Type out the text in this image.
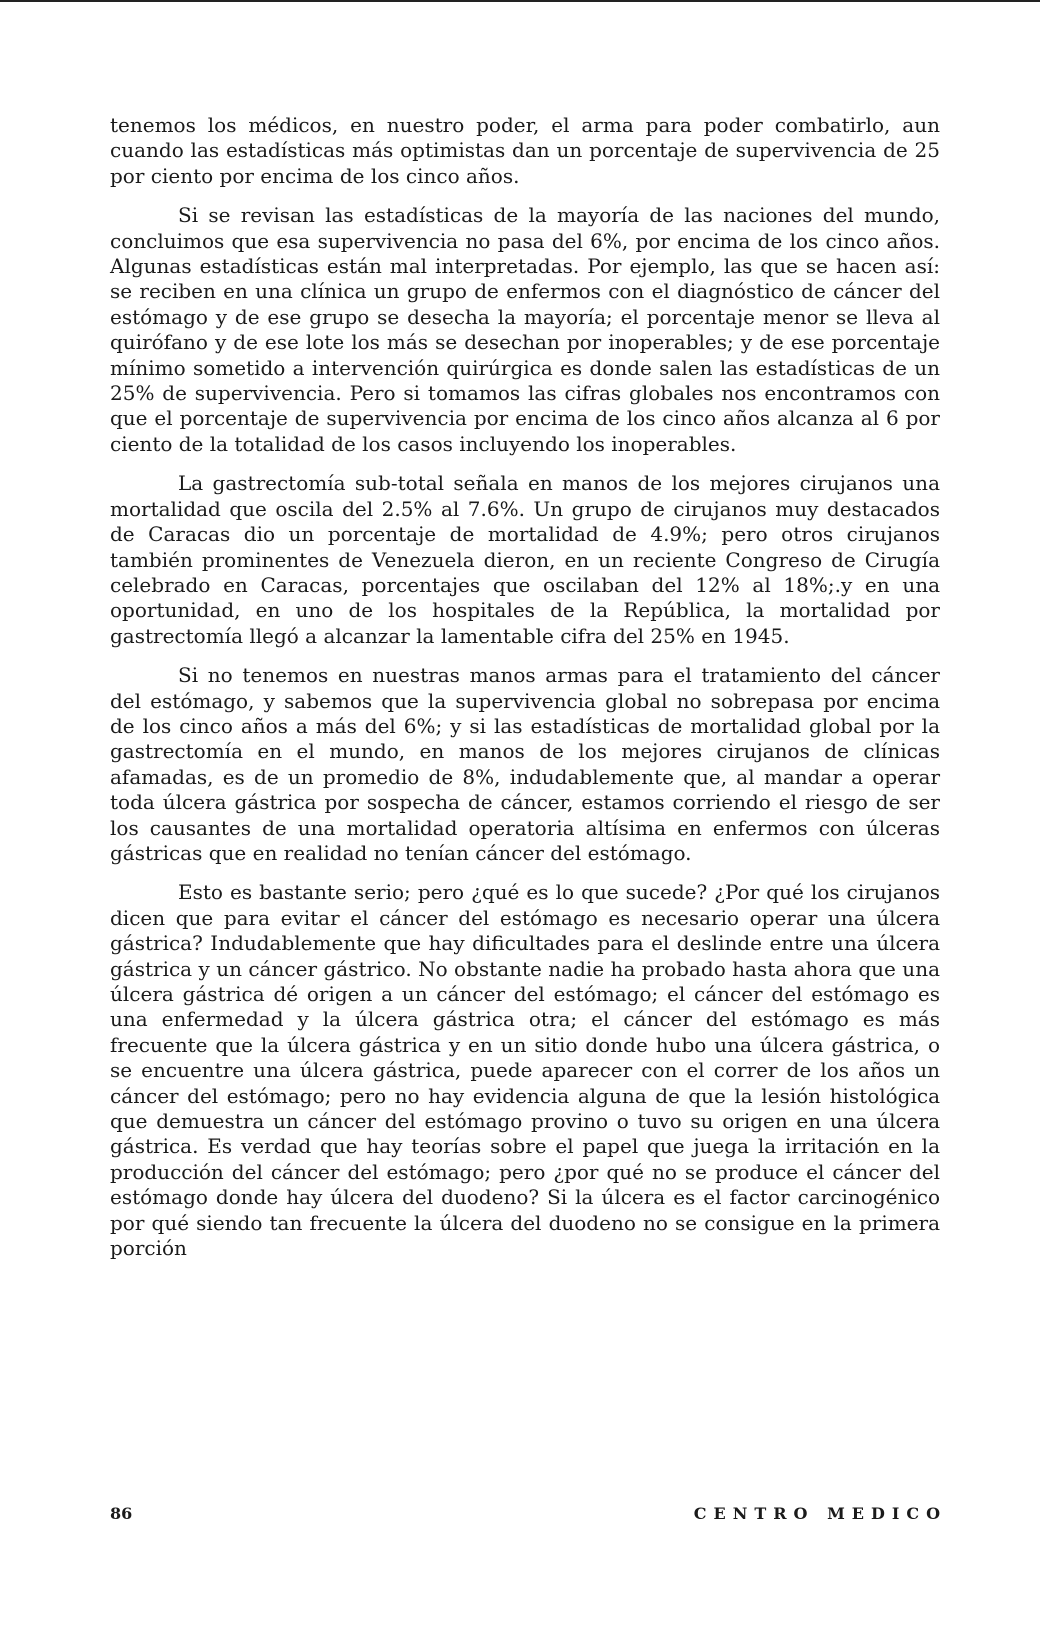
tenemos los médicos, en nuestro poder, el arma para poder combatirlo, aun cuando las estadísticas más optimistas dan un porcentaje de supervivencia de 25 por ciento por encima de los cinco años.

Si se revisan las estadísticas de la mayoría de las naciones del mundo, concluimos que esa supervivencia no pasa del 6%, por encima de los cinco años. Algunas estadísticas están mal interpretadas. Por ejemplo, las que se hacen así: se reciben en una clínica un grupo de enfermos con el diagnóstico de cáncer del estómago y de ese grupo se desecha la mayoría; el porcentaje menor se lleva al quirófano y de ese lote los más se desechan por inoperables; y de ese porcentaje mínimo sometido a intervención quirúrgica es donde salen las estadísticas de un 25% de supervivencia. Pero si tomamos las cifras globales nos encontramos con que el porcentaje de supervivencia por encima de los cinco años alcanza al 6 por ciento de la totalidad de los casos incluyendo los inoperables.

La gastrectomía sub-total señala en manos de los mejores cirujanos una mortalidad que oscila del 2.5% al 7.6%. Un grupo de cirujanos muy destacados de Caracas dio un porcentaje de mortalidad de 4.9%; pero otros cirujanos también prominentes de Venezuela dieron, en un reciente Congreso de Cirugía celebrado en Caracas, porcentajes que oscilaban del 12% al 18%;.y en una oportunidad, en uno de los hospitales de la República, la mortalidad por gastrectomía llegó a alcanzar la lamentable cifra del 25% en 1945.

Si no tenemos en nuestras manos armas para el tratamiento del cáncer del estómago, y sabemos que la supervivencia global no sobrepasa por encima de los cinco años a más del 6%; y si las estadísticas de mortalidad global por la gastrectomía en el mundo, en manos de los mejores cirujanos de clínicas afamadas, es de un promedio de 8%, indudablemente que, al mandar a operar toda úlcera gástrica por sospecha de cáncer, estamos corriendo el riesgo de ser los causantes de una mortalidad operatoria altísima en enfermos con úlceras gástricas que en realidad no tenían cáncer del estómago.

Esto es bastante serio; pero ¿qué es lo que sucede? ¿Por qué los cirujanos dicen que para evitar el cáncer del estómago es necesario operar una úlcera gástrica? Indudablemente que hay dificultades para el deslinde entre una úlcera gástrica y un cáncer gástrico. No obstante nadie ha probado hasta ahora que una úlcera gástrica dé origen a un cáncer del estómago; el cáncer del estómago es una enfermedad y la úlcera gástrica otra; el cáncer del estómago es más frecuente que la úlcera gástrica y en un sitio donde hubo una úlcera gástrica, o se encuentre una úlcera gástrica, puede aparecer con el correr de los años un cáncer del estómago; pero no hay evidencia alguna de que la lesión histológica que demuestra un cáncer del estómago provino o tuvo su origen en una úlcera gástrica. Es verdad que hay teorías sobre el papel que juega la irritación en la producción del cáncer del estómago; pero ¿por qué no se produce el cáncer del estómago donde hay úlcera del duodeno? Si la úlcera es el factor carcinogénico por qué siendo tan frecuente la úlcera del duodeno no se consigue en la primera porción

86	CENTRO MEDICO
